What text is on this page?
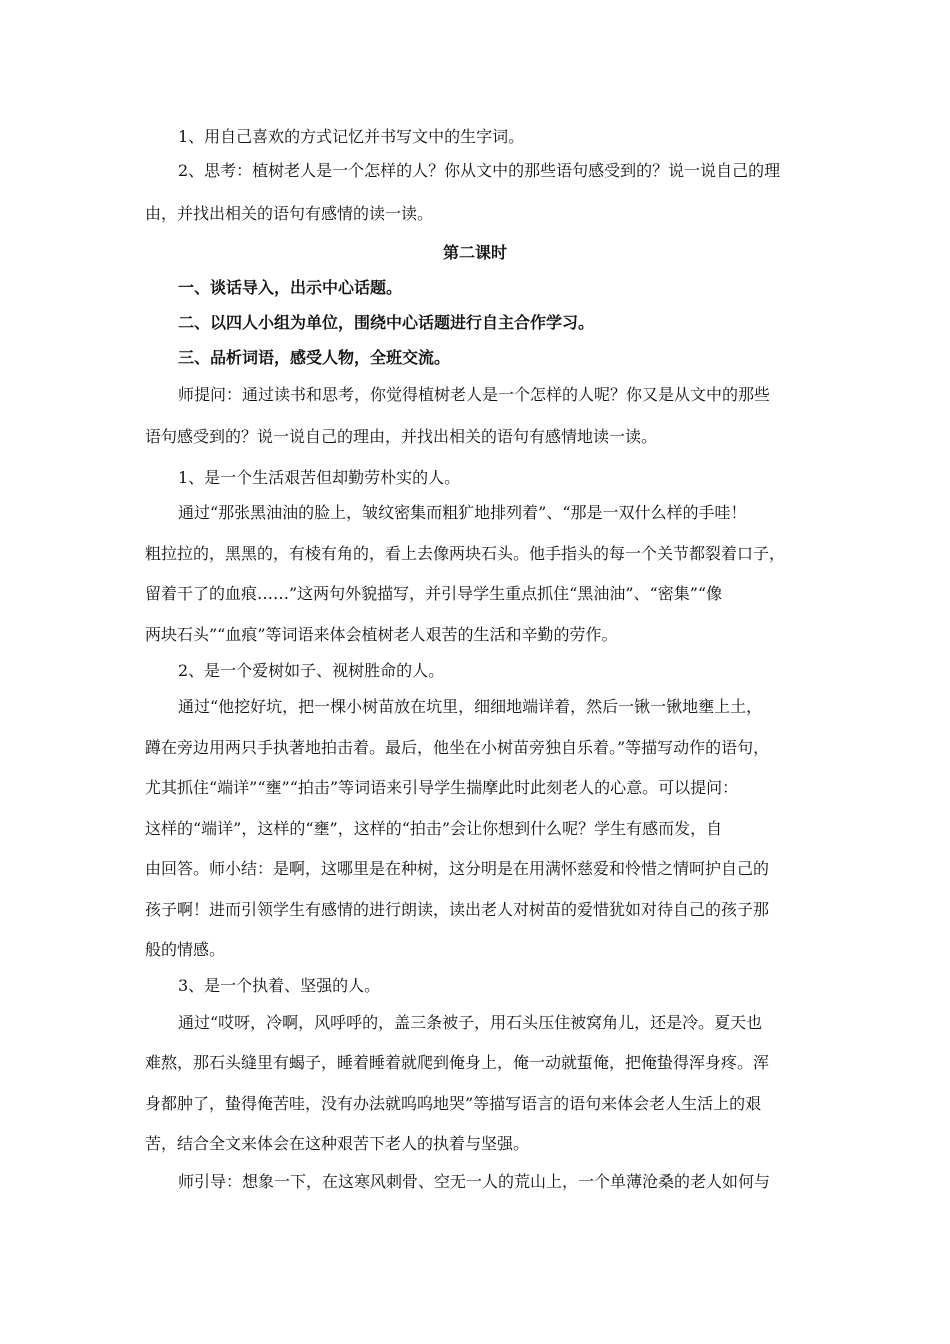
1、用自己喜欢的方式记忆并书写文中的生字词。
2、思考：植树老人是一个怎样的人？你从文中的那些语句感受到的？说一说自己的理
由，并找出相关的语句有感情的读一读。
第二课时
一、谈话导入，出示中心话题。
二、以四人小组为单位，围绕中心话题进行自主合作学习。
三、品析词语，感受人物，全班交流。
师提问：通过读书和思考，你觉得植树老人是一个怎样的人呢？你又是从文中的那些
语句感受到的？说一说自己的理由，并找出相关的语句有感情地读一读。
1、是一个生活艰苦但却勤劳朴实的人。
通过“那张黑油油的脸上，皱纹密集而粗犷地排列着”、“那是一双什么样的手哇！
粗拉拉的，黑黑的，有棱有角的，看上去像两块石头。他手指头的每一个关节都裂着口子，
留着干了的血痕……”这两句外貌描写，并引导学生重点抓住“黑油油”、“密集”“像
两块石头”“血痕”等词语来体会植树老人艰苦的生活和辛勤的劳作。
2、是一个爱树如子、视树胜命的人。
通过“他挖好坑，把一棵小树苗放在坑里，细细地端详着，然后一锹一锹地壅上土，
蹲在旁边用两只手执著地拍击着。最后，他坐在小树苗旁独自乐着。”等描写动作的语句，
尤其抓住“端详”“壅”“拍击”等词语来引导学生揣摩此时此刻老人的心意。可以提问：
这样的“端详”，这样的“壅”，这样的“拍击”会让你想到什么呢？学生有感而发，自
由回答。师小结：是啊，这哪里是在种树，这分明是在用满怀慈爱和怜惜之情呵护自己的
孩子啊！进而引领学生有感情的进行朗读，读出老人对树苗的爱惜犹如对待自己的孩子那
般的情感。
3、是一个执着、坚强的人。
通过“哎呀，冷啊，风呼呼的，盖三条被子，用石头压住被窝角儿，还是冷。夏天也
难熬，那石头缝里有蝎子，睡着睡着就爬到俺身上，俺一动就蜇俺，把俺蛰得浑身疼。浑
身都肿了，蛰得俺苦哇，没有办法就呜呜地哭”等描写语言的语句来体会老人生活上的艰
苦，结合全文来体会在这种艰苦下老人的执着与坚强。
师引导：想象一下，在这寒风刺骨、空无一人的荒山上，一个单薄沧桑的老人如何与
